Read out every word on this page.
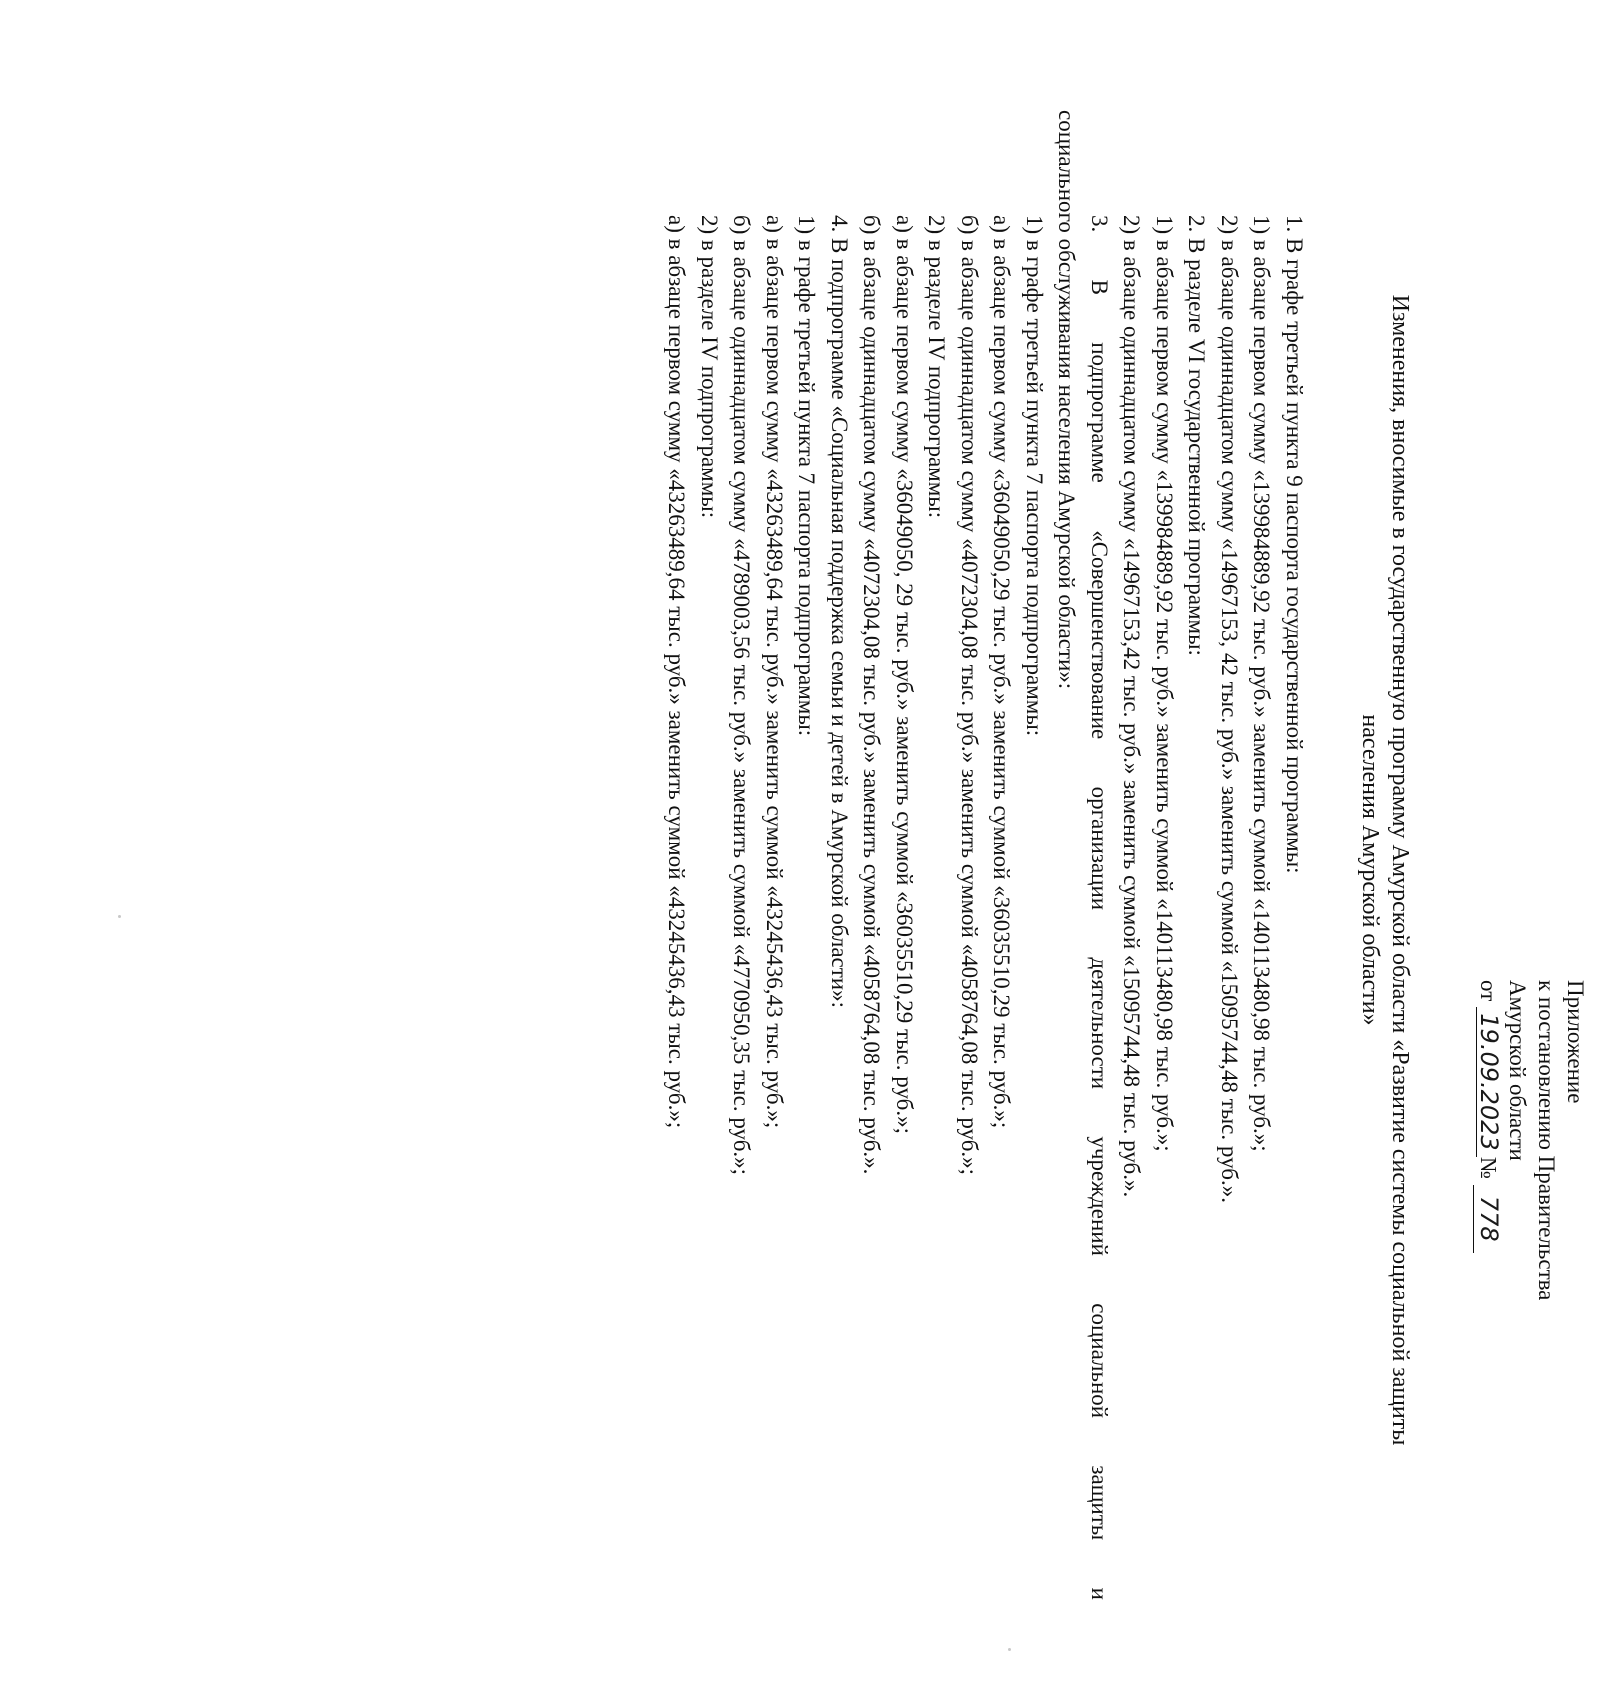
Приложение
к постановлению Правительства
Амурской области
от 19.09.2023№ 778
Изменения, вносимые в государственную программу Амурской области «Развитие системы социальной защиты
населения Амурской области»
1. В графе третьей пункта 9 паспорта государственной программы:
1) в абзаце первом сумму «139984889,92 тыс. руб.» заменить суммой «140113480,98 тыс. руб.»;
2) в абзаце одиннадцатом сумму «14967153, 42 тыс. руб.» заменить суммой «15095744,48 тыс. руб.».
2. В разделе VI государственной программы:
1) в абзаце первом сумму «139984889,92 тыс. руб.» заменить суммой «140113480,98 тыс. руб.»;
2) в абзаце одиннадцатом сумму «14967153,42 тыс. руб.» заменить суммой «15095744,48 тыс. руб.».
3.
В
подпрограмме
«Совершенствование
организации
деятельности
учреждений
социальной
защиты
и
социального обслуживания населения Амурской области»:
1) в графе третьей пункта 7 паспорта подпрограммы:
а) в абзаце первом сумму «36049050,29 тыс. руб.» заменить суммой «36035510,29 тыс. руб.»;
б) в абзаце одиннадцатом сумму «4072304,08 тыс. руб.» заменить суммой «4058764,08 тыс. руб.»;
2) в разделе IV подпрограммы:
а) в абзаце первом сумму «36049050, 29 тыс. руб.» заменить суммой «36035510,29 тыс. руб.»;
б) в абзаце одиннадцатом сумму «4072304,08 тыс. руб.» заменить суммой «4058764,08 тыс. руб.».
4. В подпрограмме «Социальная поддержка семьи и детей в Амурской области»:
1) в графе третьей пункта 7 паспорта подпрограммы:
а) в абзаце первом сумму «43263489,64 тыс. руб.» заменить суммой «43245436,43 тыс. руб.»;
б) в абзаце одиннадцатом сумму «4789003,56 тыс. руб.» заменить суммой «4770950,35 тыс. руб.»;
2) в разделе IV подпрограммы:
а) в абзаце первом сумму «43263489,64 тыс. руб.» заменить суммой «43245436,43 тыс. руб.»;
